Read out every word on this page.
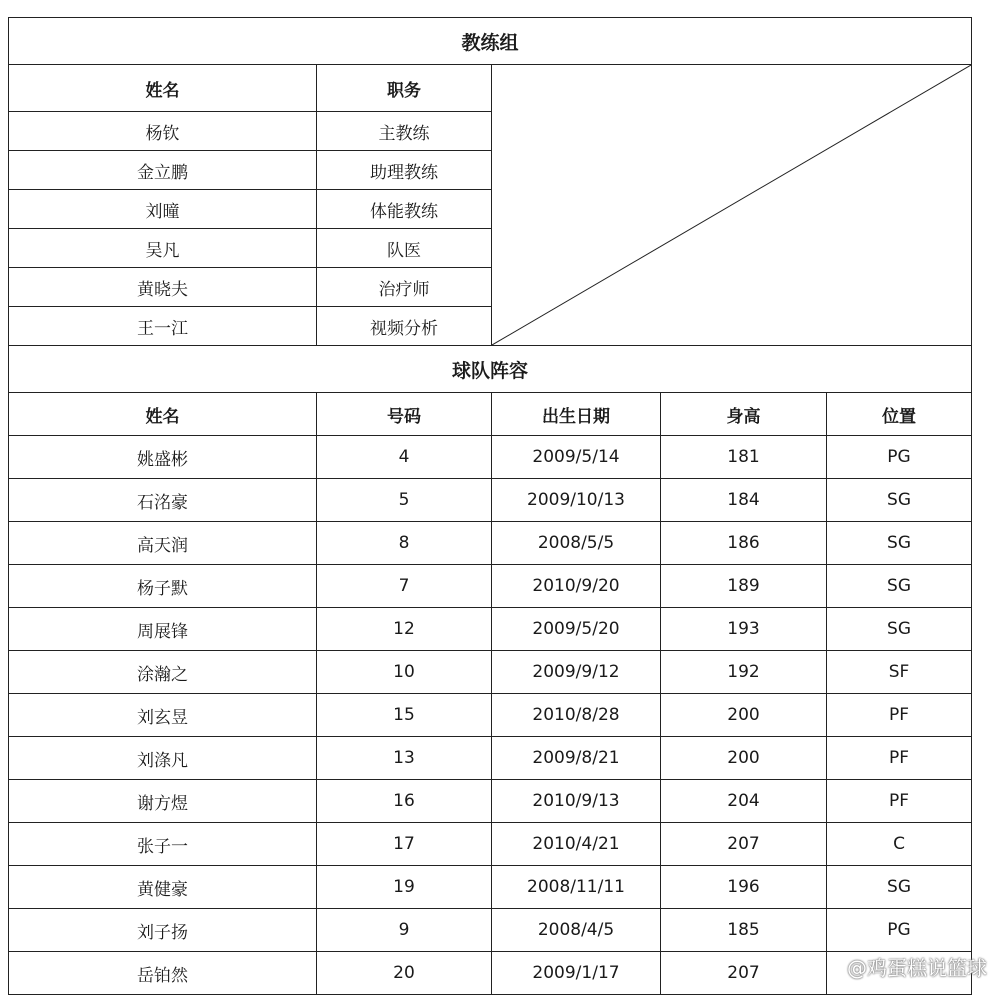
教练组				
姓名	职务	

杨钦	主教练			
金立鹏	助理教练			
刘曈	体能教练			
吴凡	队医			
黄晓夫	治疗师			
王一江	视频分析			
球队阵容				
姓名	号码	出生日期	身高	位置
姚盛彬	4	2009/5/14	181	PG
石洺豪	5	2009/10/13	184	SG
高天润	8	2008/5/5	186	SG
杨子默	7	2010/9/20	189	SG
周展锋	12	2009/5/20	193	SG
涂瀚之	10	2009/9/12	192	SF
刘玄昱	15	2010/8/28	200	PF
刘涤凡	13	2009/8/21	200	PF
谢方煜	16	2010/9/13	204	PF
张子一	17	2010/4/21	207	C
黄健豪	19	2008/11/11	196	SG
刘子扬	9	2008/4/5	185	PG
岳铂然	20	2009/1/17	207		@鸡蛋糕说篮球
